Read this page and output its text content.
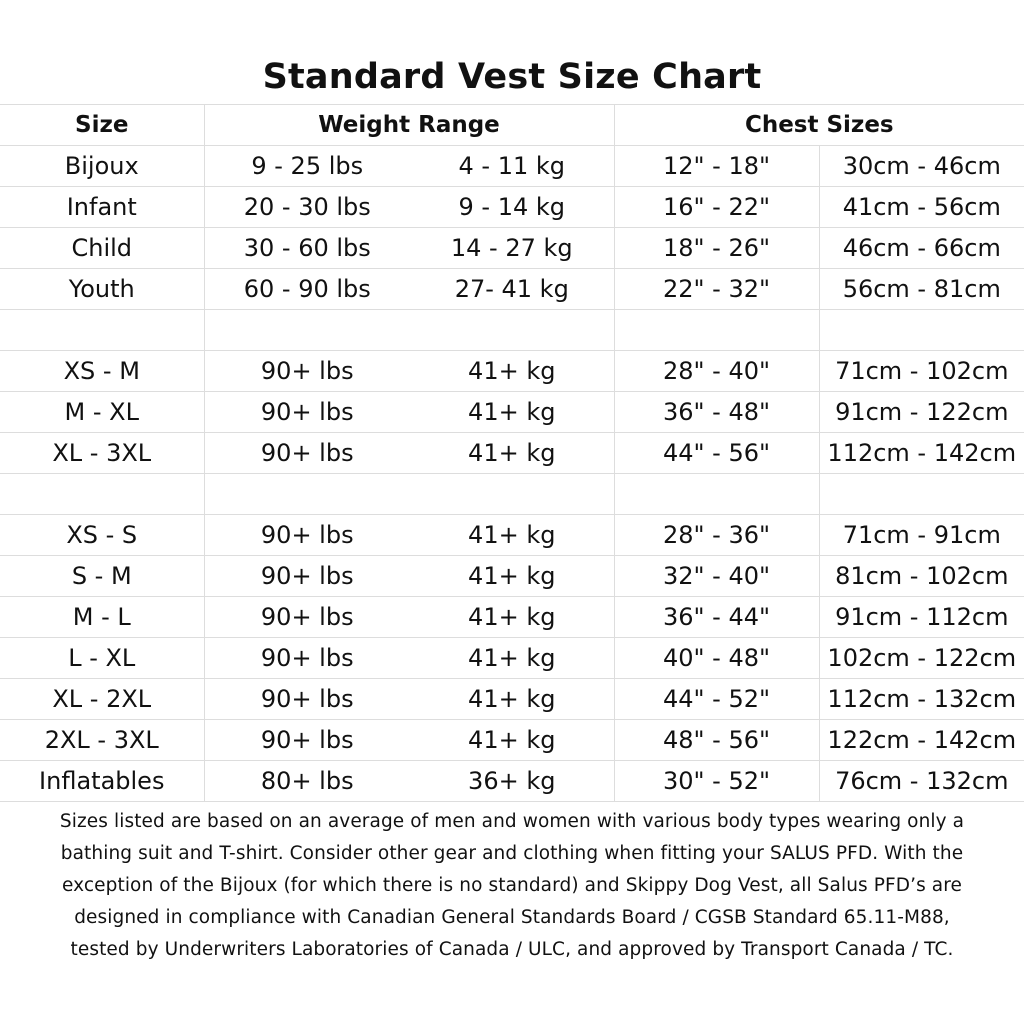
Standard Vest Size Chart
Size	Weight Range		Chest Sizes	
Bijoux	9 - 25 lbs	4 - 11 kg	12" - 18"	30cm - 46cm
Infant	20 - 30 lbs	9 - 14 kg	16" - 22"	41cm - 56cm
Child	30 - 60 lbs	14 - 27 kg	18" - 26"	46cm - 66cm
Youth	60 - 90 lbs	27- 41 kg	22" - 32"	56cm - 81cm

XS - M	90+ lbs	41+ kg	28" - 40"	71cm - 102cm
M - XL	90+ lbs	41+ kg	36" - 48"	91cm - 122cm
XL - 3XL	90+ lbs	41+ kg	44" - 56"	112cm - 142cm

XS - S	90+ lbs	41+ kg	28" - 36"	71cm - 91cm
S - M	90+ lbs	41+ kg	32" - 40"	81cm - 102cm
M - L	90+ lbs	41+ kg	36" - 44"	91cm - 112cm
L - XL	90+ lbs	41+ kg	40" - 48"	102cm - 122cm
XL - 2XL	90+ lbs	41+ kg	44" - 52"	112cm - 132cm
2XL - 3XL	90+ lbs	41+ kg	48" - 56"	122cm - 142cm
Inflatables	80+ lbs	36+ kg	30" - 52"	76cm - 132cm
Sizes listed are based on an average of men and women with various body types wearing only a
bathing suit and T-shirt. Consider other gear and clothing when fitting your SALUS PFD. With the
exception of the Bijoux (for which there is no standard) and Skippy Dog Vest, all Salus PFD’s are
designed in compliance with Canadian General Standards Board / CGSB Standard 65.11-M88,
tested by Underwriters Laboratories of Canada / ULC, and approved by Transport Canada / TC.
